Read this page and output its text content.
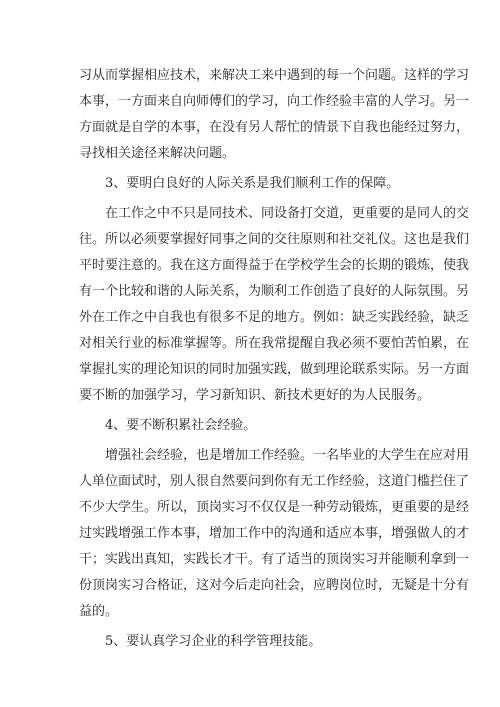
习从而掌握相应技术，来解决工来中遇到的每一个问题。这样的学习
本事，一方面来自向师傅们的学习，向工作经验丰富的人学习。另一
方面就是自学的本事，在没有另人帮忙的情景下自我也能经过努力，
寻找相关途径来解决问题。
3、要明白良好的人际关系是我们顺利工作的保障。
在工作之中不只是同技术、同设备打交道，更重要的是同人的交
往。所以必须要掌握好同事之间的交往原则和社交礼仪。这也是我们
平时要注意的。我在这方面得益于在学校学生会的长期的锻炼，使我
有一个比较和谐的人际关系，为顺利工作创造了良好的人际氛围。另
外在工作之中自我也有很多不足的地方。例如：缺乏实践经验，缺乏
对相关行业的标准掌握等。所在我常提醒自我必须不要怕苦怕累，在
掌握扎实的理论知识的同时加强实践，做到理论联系实际。另一方面
要不断的加强学习，学习新知识、新技术更好的为人民服务。
4、要不断积累社会经验。
增强社会经验，也是增加工作经验。一名毕业的大学生在应对用
人单位面试时，别人很自然要问到你有无工作经验，这道门槛拦住了
不少大学生。所以，顶岗实习不仅仅是一种劳动锻炼，更重要的是经
过实践增强工作本事，增加工作中的沟通和适应本事，增强做人的才
干；实践出真知，实践长才干。有了适当的顶岗实习并能顺利拿到一
份顶岗实习合格证，这对今后走向社会，应聘岗位时，无疑是十分有
益的。
5、要认真学习企业的科学管理技能。
